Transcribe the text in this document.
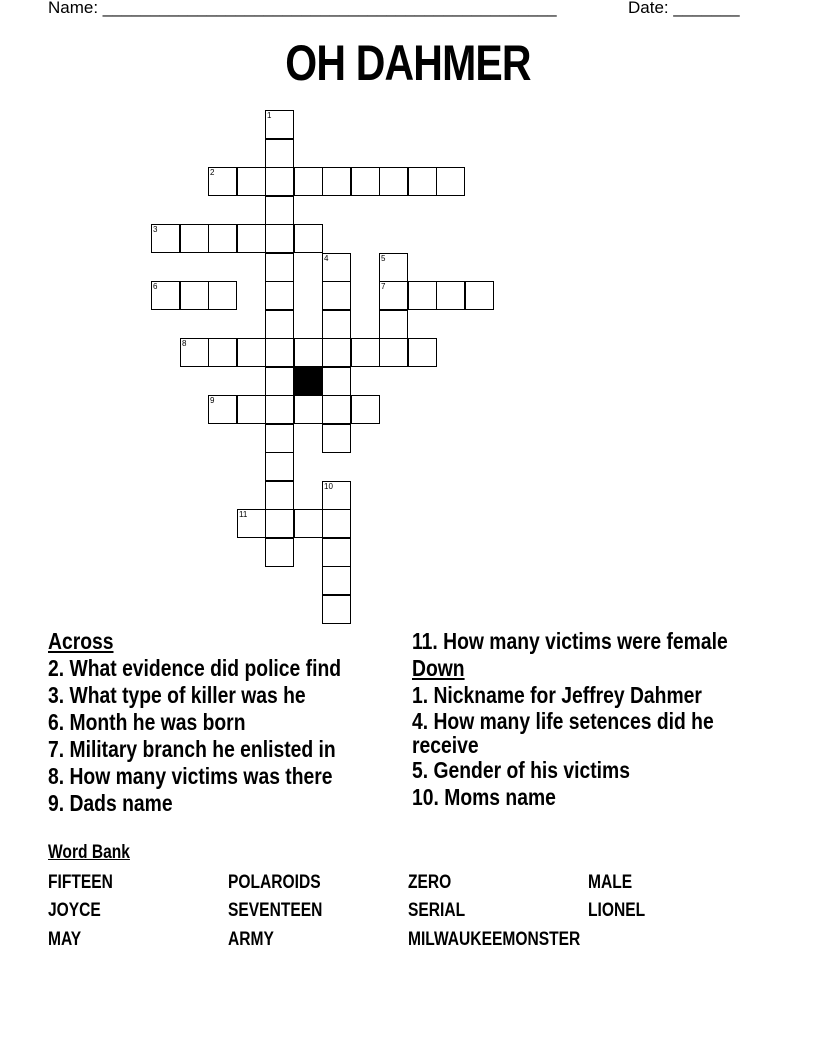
Name: ________________________________________________	Date: _______
OH DAHMER
1
2
3
4	5
7
6
8
9
10
11
Across
2. What evidence did police find
3. What type of killer was he
6. Month he was born
7. Military branch he enlisted in
8. How many victims was there
9. Dads name
11. How many victims were female
Down
1. Nickname for Jeffrey Dahmer
4. How many life setences did he receive
5. Gender of his victims
10. Moms name
Word Bank
FIFTEEN	POLAROIDS	ZERO	MALE
JOYCE	SEVENTEEN	SERIAL	LIONEL
MAY	ARMY	MILWAUKEEMONSTER
